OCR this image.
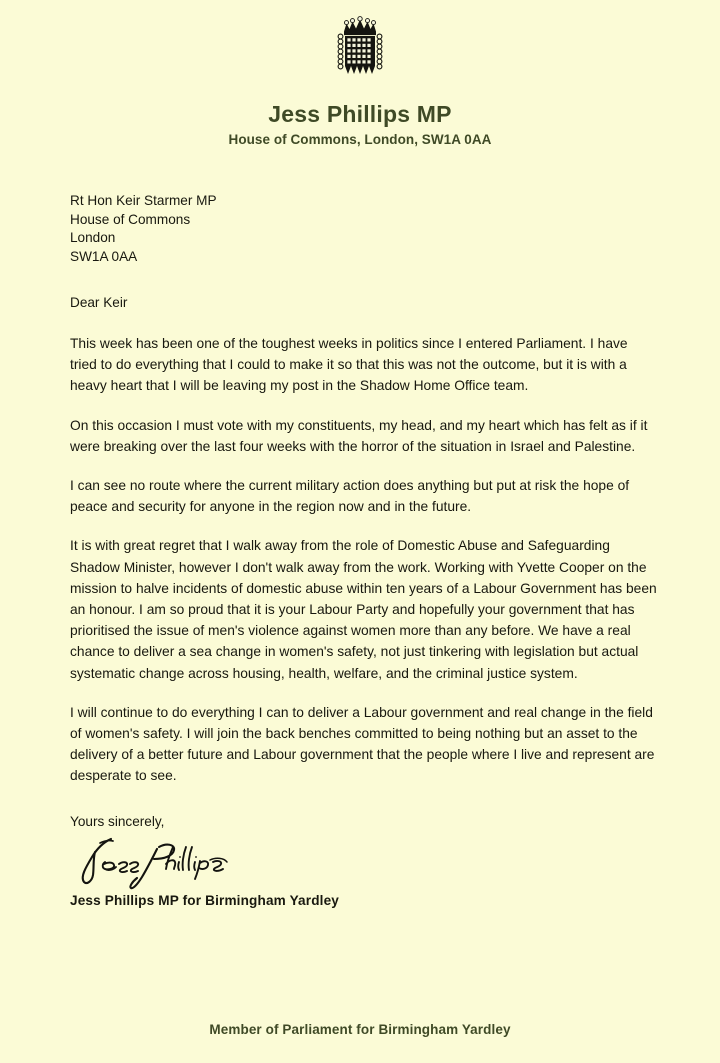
Jess Phillips MP
House of Commons, London, SW1A 0AA
Rt Hon Keir Starmer MP
House of Commons
London
SW1A 0AA
Dear Keir

This week has been one of the toughest weeks in politics since I entered Parliament. I have tried to do everything that I could to make it so that this was not the outcome, but it is with a heavy heart that I will be leaving my post in the Shadow Home Office team.

On this occasion I must vote with my constituents, my head, and my heart which has felt as if it were breaking over the last four weeks with the horror of the situation in Israel and Palestine.

I can see no route where the current military action does anything but put at risk the hope of peace and security for anyone in the region now and in the future.

It is with great regret that I walk away from the role of Domestic Abuse and Safeguarding Shadow Minister, however I don't walk away from the work. Working with Yvette Cooper on the mission to halve incidents of domestic abuse within ten years of a Labour Government has been an honour. I am so proud that it is your Labour Party and hopefully your government that has prioritised the issue of men's violence against women more than any before. We have a real chance to deliver a sea change in women's safety, not just tinkering with legislation but actual systematic change across housing, health, welfare, and the criminal justice system.

I will continue to do everything I can to deliver a Labour government and real change in the field of women's safety. I will join the back benches committed to being nothing but an asset to the delivery of a better future and Labour government that the people where I live and represent are desperate to see.

Yours sincerely,
Jess Phillips MP for Birmingham Yardley
Member of Parliament for Birmingham Yardley
